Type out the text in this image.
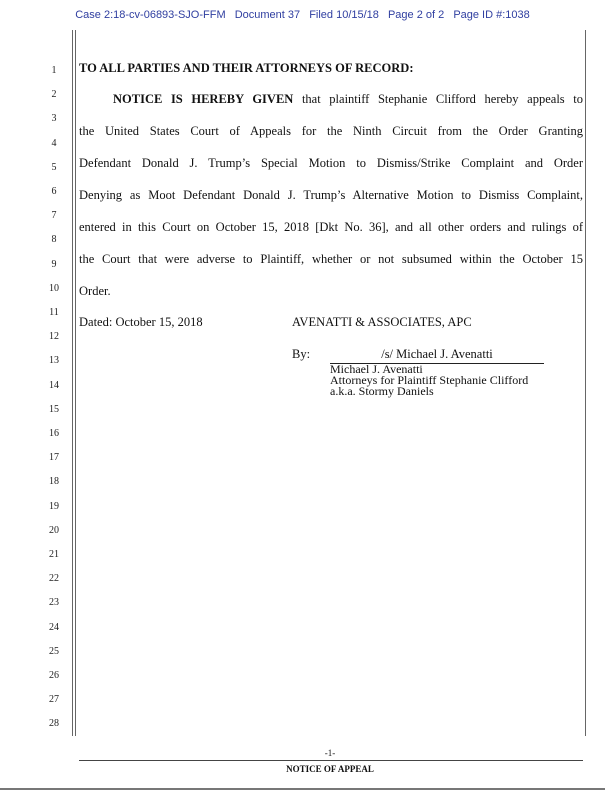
Case 2:18-cv-06893-SJO-FFM Document 37 Filed 10/15/18 Page 2 of 2 Page ID #:1038
1
2
3
4
5
6
7
8
9
10
11
12
13
14
15
16
17
18
19
20
21
22
23
24
25
26
27
28
TO ALL PARTIES AND THEIR ATTORNEYS OF RECORD:
NOTICE IS HEREBY GIVEN that plaintiff Stephanie Clifford hereby appeals to
the United States Court of Appeals for the Ninth Circuit from the Order Granting
Defendant Donald J. Trump’s Special Motion to Dismiss/Strike Complaint and Order
Denying as Moot Defendant Donald J. Trump’s Alternative Motion to Dismiss Complaint,
entered in this Court on October 15, 2018 [Dkt No. 36], and all other orders and rulings of
the Court that were adverse to Plaintiff, whether or not subsumed within the October 15
Order.
Dated: October 15, 2018	AVENATTI & ASSOCIATES, APC
By:	/s/ Michael J. Avenatti
Michael J. Avenatti
Attorneys for Plaintiff Stephanie Clifford
a.k.a. Stormy Daniels
-1-
NOTICE OF APPEAL
